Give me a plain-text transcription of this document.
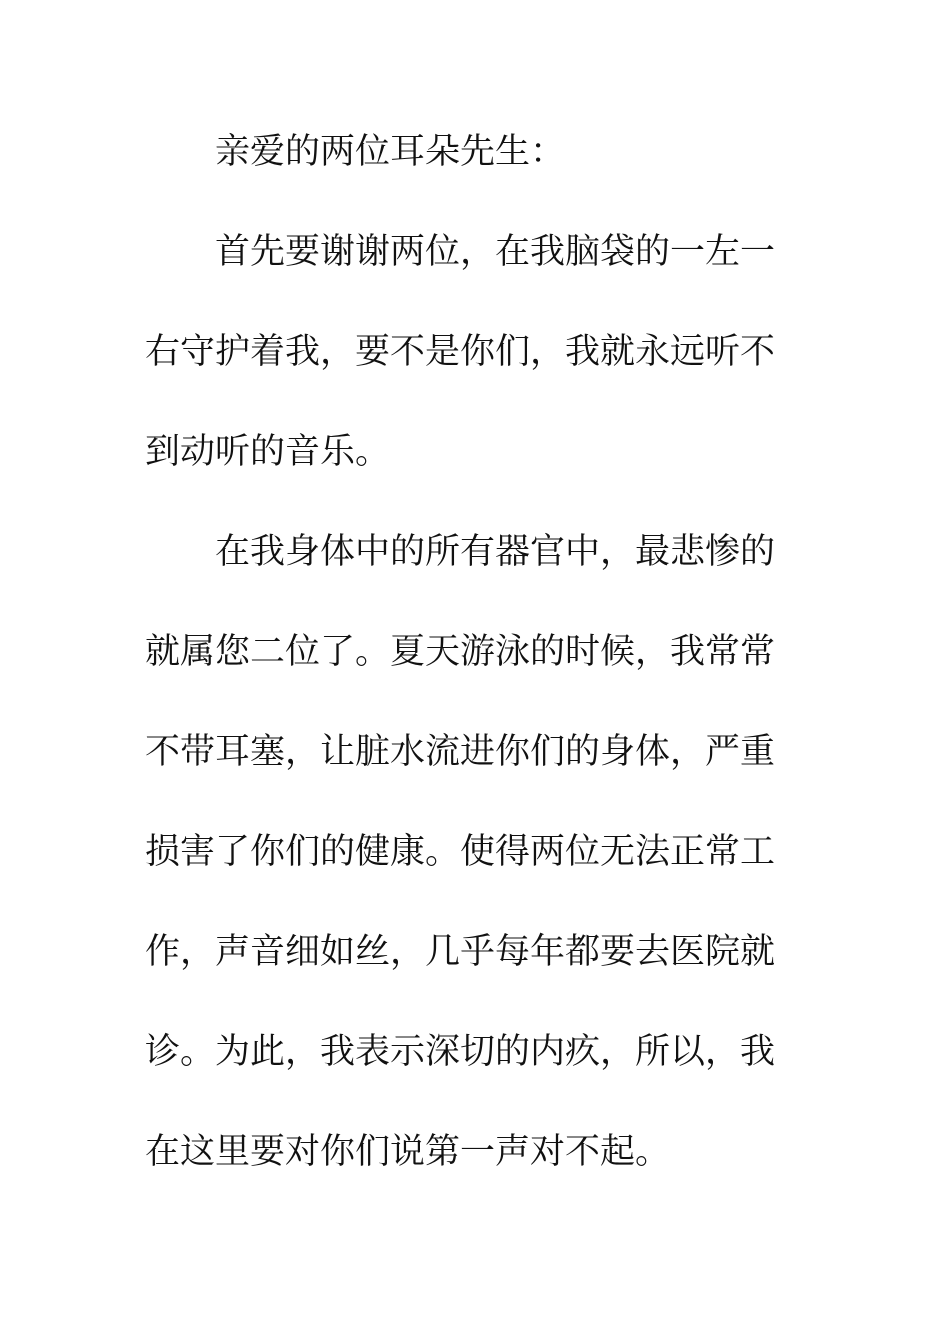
亲爱的两位耳朵先生：
首先要谢谢两位，在我脑袋的一左一
右守护着我，要不是你们，我就永远听不
到动听的音乐。
在我身体中的所有器官中，最悲惨的
就属您二位了。夏天游泳的时候，我常常
不带耳塞，让脏水流进你们的身体，严重
损害了你们的健康。使得两位无法正常工
作，声音细如丝，几乎每年都要去医院就
诊。为此，我表示深切的内疚，所以，我
在这里要对你们说第一声对不起。
